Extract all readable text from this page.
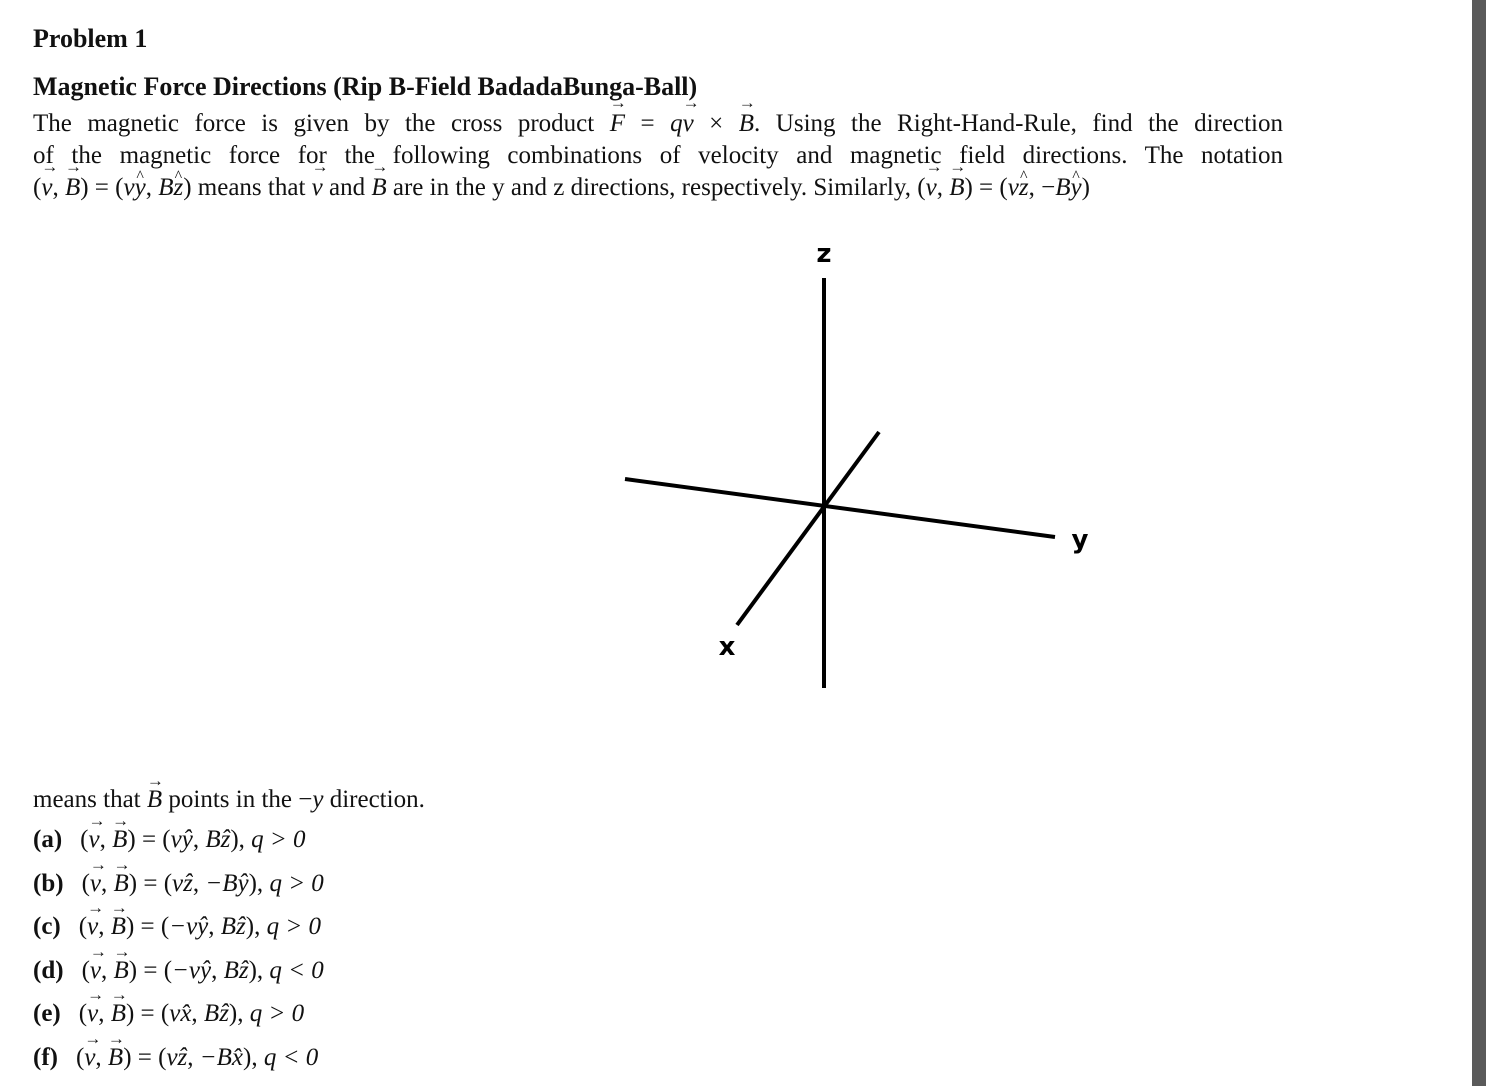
Problem 1
Magnetic Force Directions (Rip B-Field BadadaBunga-Ball)

The magnetic force is given by the cross product F → = qv → × B →. Using the Right-Hand-Rule, find the direction
of the magnetic force for the following combinations of velocity and magnetic field directions. The notation
(v →, B →) = (vy ^, Bz ^) means that v → and B → are in the y and z directions, respectively. Similarly, (v →, B →) = (vz ^, −By ^)

z
y
x

means that B → points in the −y direction.

(a) (v →, B →) = (vŷ, Bẑ), q > 0
(b) (v →, B →) = (vẑ, −Bŷ), q > 0
(c) (v →, B →) = (−vŷ, Bẑ), q > 0
(d) (v →, B →) = (−vŷ, Bẑ), q < 0
(e) (v →, B →) = (vx̂, Bẑ), q > 0
(f) (v →, B →) = (vẑ, −Bx̂), q < 0
